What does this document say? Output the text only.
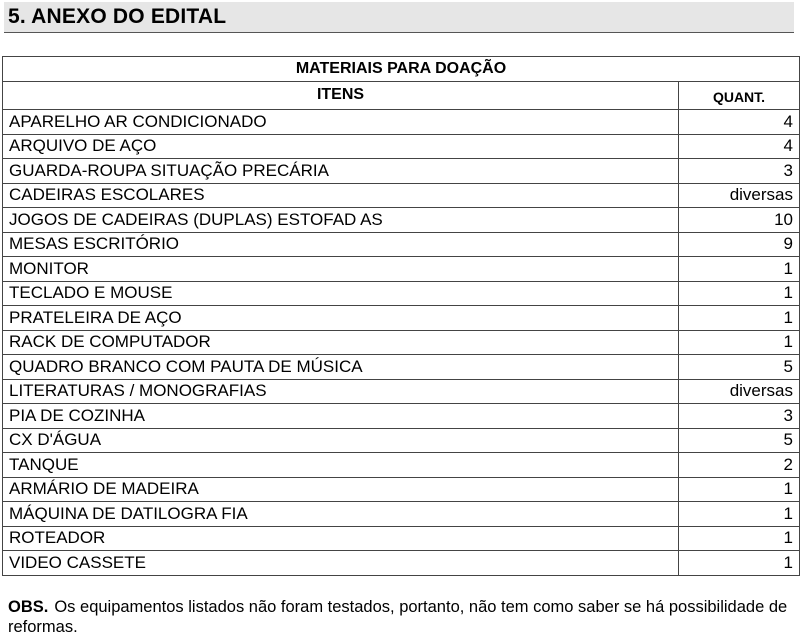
5. ANEXO DO EDITAL
MATERIAIS PARA DOAÇÃO	
ITENS	QUANT.
APARELHO AR CONDICIONADO	4
ARQUIVO DE AÇO	4
GUARDA-ROUPA SITUAÇÃO PRECÁRIA	3
CADEIRAS ESCOLARES	diversas
JOGOS DE CADEIRAS (DUPLAS) ESTOFAD AS	10
MESAS ESCRITÓRIO	9
MONITOR	1
TECLADO E MOUSE	1
PRATELEIRA DE AÇO	1
RACK DE COMPUTADOR	1
QUADRO BRANCO COM PAUTA DE MÚSICA	5
LITERATURAS / MONOGRAFIAS	diversas
PIA DE COZINHA	3
CX D'ÁGUA	5
TANQUE	2
ARMÁRIO DE MADEIRA	1
MÁQUINA DE DATILOGRA FIA	1
ROTEADOR	1
VIDEO CASSETE	1
OBS. Os equipamentos listados não foram testados, portanto, não tem como saber se há possibilidade de reformas.
